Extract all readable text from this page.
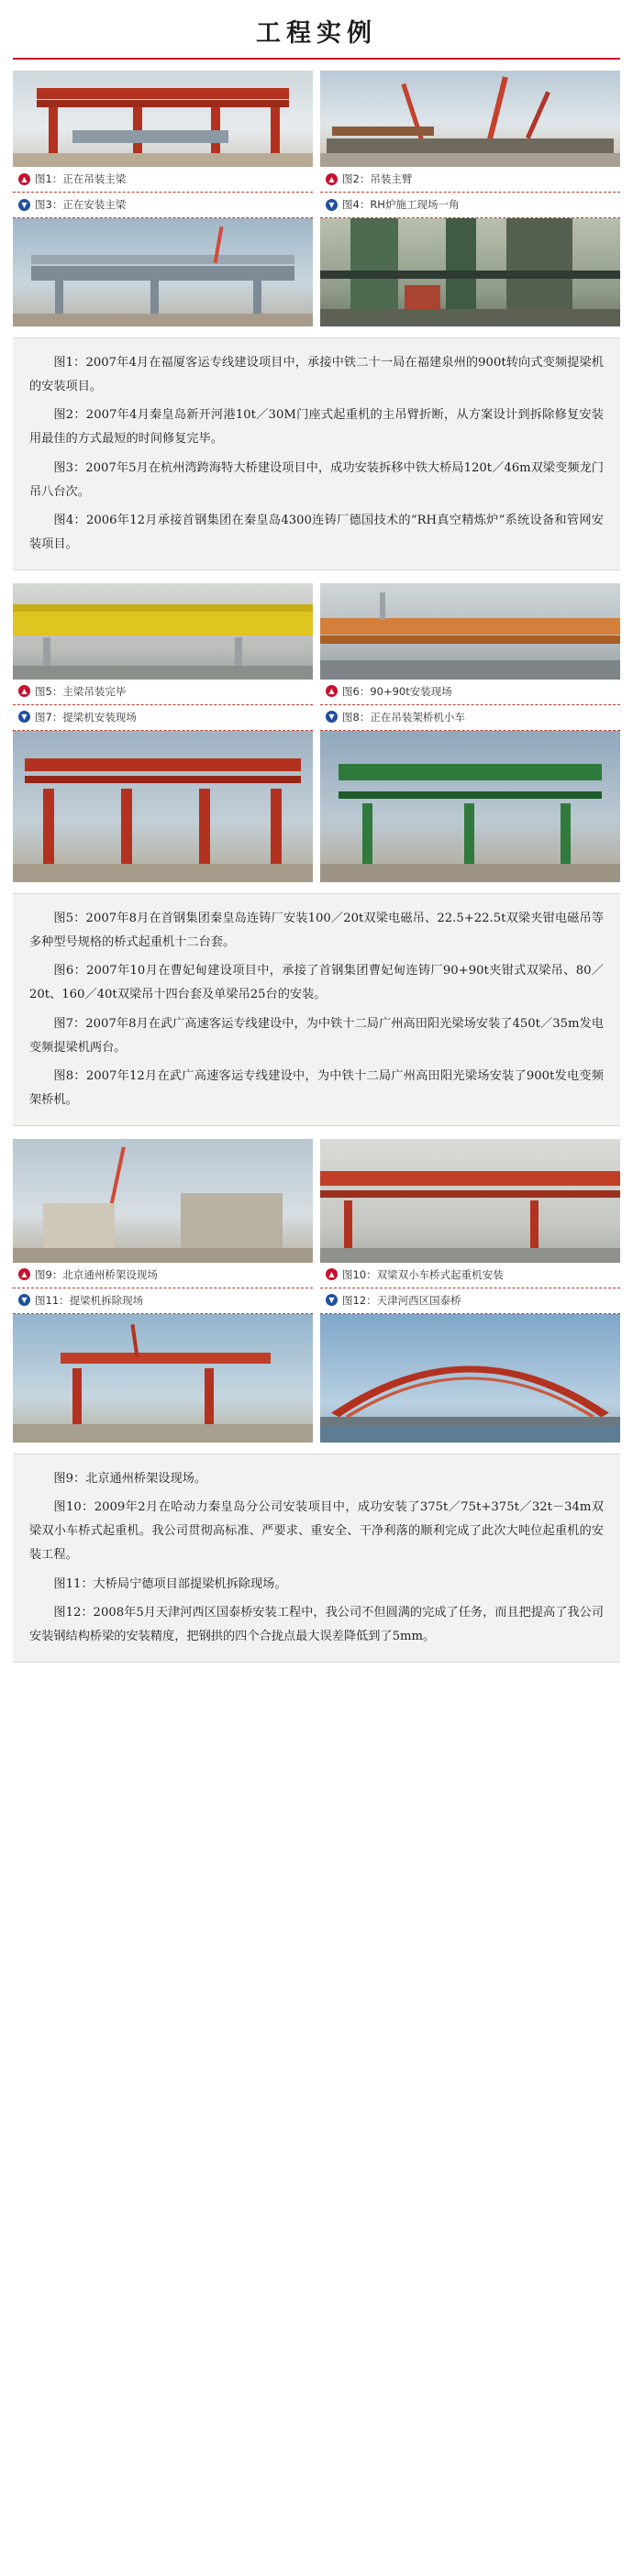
工程实例
▲ 图1：正在吊装主梁	▲ 图2：吊装主臂
▼ 图3：正在安装主梁	▼ 图4：RH炉施工现场一角

图1：2007年4月在福厦客运专线建设项目中，承接中铁二十一局在福建泉州的900t转向式变频提梁机的安装项目。

图2：2007年4月秦皇岛新开河港10t／30M门座式起重机的主吊臂折断，从方案设计到拆除修复安装用最佳的方式最短的时间修复完毕。

图3：2007年5月在杭州湾跨海特大桥建设项目中，成功安装拆移中铁大桥局120t／46m双梁变频龙门吊八台次。

图4：2006年12月承接首钢集团在秦皇岛4300连铸厂德国技术的“RH真空精炼炉”系统设备和管网安装项目。

▲ 图5：主梁吊装完毕	▲ 图6：90+90t安装现场
▼ 图7：提梁机安装现场	▼ 图8：正在吊装架桥机小车

图5：2007年8月在首钢集团秦皇岛连铸厂安装100／20t双梁电磁吊、22.5+22.5t双梁夹钳电磁吊等多种型号规格的桥式起重机十二台套。

图6：2007年10月在曹妃甸建设项目中，承接了首钢集团曹妃甸连铸厂90+90t夹钳式双梁吊、80／20t、160／40t双梁吊十四台套及单梁吊25台的安装。

图7：2007年8月在武广高速客运专线建设中，为中铁十二局广州高田阳光梁场安装了450t／35m发电变频提梁机两台。

图8：2007年12月在武广高速客运专线建设中，为中铁十二局广州高田阳光梁场安装了900t发电变频架桥机。

▲ 图9：北京通州桥架设现场	▲ 图10：双梁双小车桥式起重机安装
▼ 图11：提梁机拆除现场	▼ 图12：天津河西区国泰桥

图9：北京通州桥架设现场。

图10：2009年2月在哈动力秦皇岛分公司安装项目中，成功安装了375t／75t+375t／32t－34m双梁双小车桥式起重机。我公司贯彻高标准、严要求、重安全、干净利落的顺利完成了此次大吨位起重机的安装工程。

图11：大桥局宁德项目部提梁机拆除现场。

图12：2008年5月天津河西区国泰桥安装工程中，我公司不但圆满的完成了任务，而且把提高了我公司安装钢结构桥梁的安装精度，把钢拱的四个合拢点最大误差降低到了5mm。
